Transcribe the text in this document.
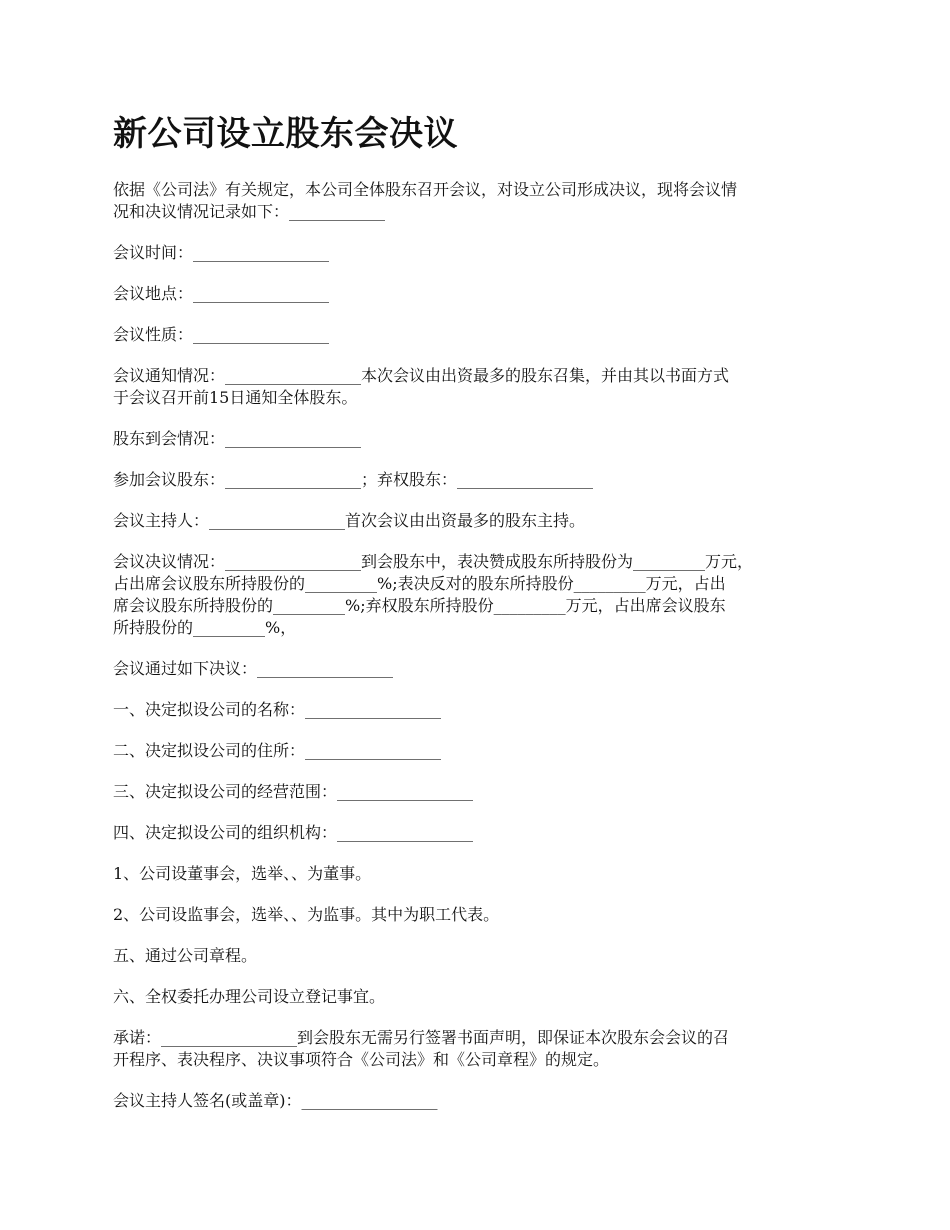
新公司设立股东会决议

依据《公司法》有关规定，本公司全体股东召开会议，对设立公司形成决议，现将会议情
况和决议情况记录如下：____________

会议时间：_________________

会议地点：_________________

会议性质：_________________

会议通知情况：_________________本次会议由出资最多的股东召集，并由其以书面方式
于会议召开前15日通知全体股东。

股东到会情况：_________________

参加会议股东：_________________；弃权股东：_________________

会议主持人：_________________首次会议由出资最多的股东主持。

会议决议情况：_________________到会股东中，表决赞成股东所持股份为_________万元，
占出席会议股东所持股份的_________%;表决反对的股东所持股份_________万元，占出
席会议股东所持股份的_________%;弃权股东所持股份_________万元，占出席会议股东
所持股份的_________%，

会议通过如下决议：_________________

一、决定拟设公司的名称：_________________

二、决定拟设公司的住所：_________________

三、决定拟设公司的经营范围：_________________

四、决定拟设公司的组织机构：_________________

1、公司设董事会，选举、、为董事。

2、公司设监事会，选举、、为监事。其中为职工代表。

五、通过公司章程。

六、全权委托办理公司设立登记事宜。

承诺：_________________到会股东无需另行签署书面声明，即保证本次股东会会议的召
开程序、表决程序、决议事项符合《公司法》和《公司章程》的规定。

会议主持人签名(或盖章)：_________________
